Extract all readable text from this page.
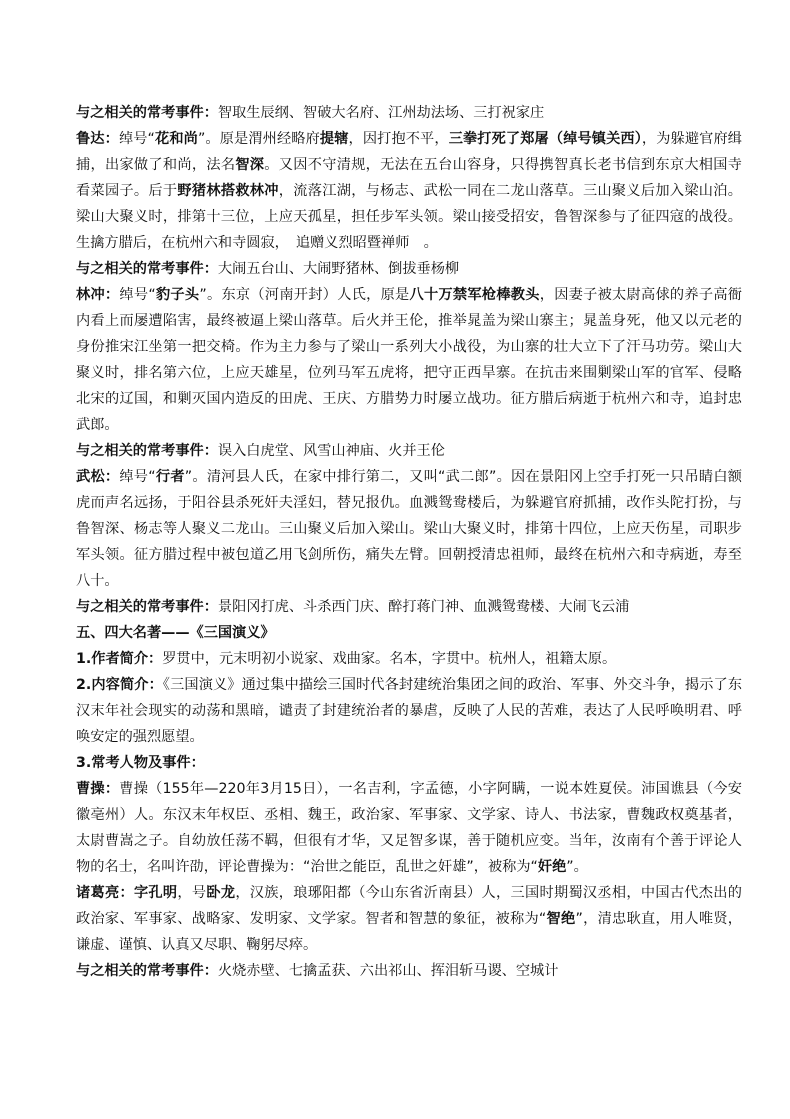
与之相关的常考事件：智取生辰纲、智破大名府、江州劫法场、三打祝家庄

鲁达：绰号“花和尚”。原是渭州经略府提辖，因打抱不平，三拳打死了郑屠（绰号镇关西），为躲避官府缉捕，出家做了和尚，法名智深。又因不守清规，无法在五台山容身，只得携智真长老书信到东京大相国寺看菜园子。后于野猪林搭救林冲，流落江湖，与杨志、武松一同在二龙山落草。三山聚义后加入梁山泊。梁山大聚义时，排第十三位，上应天孤星，担任步军头领。梁山接受招安，鲁智深参与了征四寇的战役。生擒方腊后，在杭州六和寺圆寂，　追赠义烈昭暨禅师　。

与之相关的常考事件：大闹五台山、大闹野猪林、倒拔垂杨柳

林冲：绰号“豹子头”。东京（河南开封）人氏，原是八十万禁军枪棒教头，因妻子被太尉高俅的养子高衙内看上而屡遭陷害，最终被逼上梁山落草。后火并王伦，推举晁盖为梁山寨主；晁盖身死，他又以元老的身份推宋江坐第一把交椅。作为主力参与了梁山一系列大小战役，为山寨的壮大立下了汗马功劳。梁山大聚义时，排名第六位，上应天雄星，位列马军五虎将，把守正西旱寨。在抗击来围剿梁山军的官军、侵略北宋的辽国，和剿灭国内造反的田虎、王庆、方腊势力时屡立战功。征方腊后病逝于杭州六和寺，追封忠武郎。

与之相关的常考事件：误入白虎堂、风雪山神庙、火并王伦

武松：绰号“行者”。清河县人氏，在家中排行第二，又叫“武二郎”。因在景阳冈上空手打死一只吊睛白额虎而声名远扬，于阳谷县杀死奸夫淫妇，替兄报仇。血溅鸳鸯楼后，为躲避官府抓捕，改作头陀打扮，与鲁智深、杨志等人聚义二龙山。三山聚义后加入梁山。梁山大聚义时，排第十四位，上应天伤星，司职步军头领。征方腊过程中被包道乙用飞剑所伤，痛失左臂。回朝授清忠祖师，最终在杭州六和寺病逝，寿至八十。

与之相关的常考事件：景阳冈打虎、斗杀西门庆、醉打蒋门神、血溅鸳鸯楼、大闹飞云浦

五、四大名著——《三国演义》

1.作者简介：罗贯中，元末明初小说家、戏曲家。名本，字贯中。杭州人，祖籍太原。

2.内容简介：《三国演义》通过集中描绘三国时代各封建统治集团之间的政治、军事、外交斗争，揭示了东汉末年社会现实的动荡和黑暗，谴责了封建统治者的暴虐，反映了人民的苦难，表达了人民呼唤明君、呼唤安定的强烈愿望。

3.常考人物及事件：

曹操：曹操（155年—220年3月15日），一名吉利，字孟德，小字阿瞒，一说本姓夏侯。沛国谯县（今安徽亳州）人。东汉末年权臣、丞相、魏王，政治家、军事家、文学家、诗人、书法家，曹魏政权奠基者，太尉曹嵩之子。自幼放任荡不羁，但很有才华，又足智多谋，善于随机应变。当年，汝南有个善于评论人物的名士，名叫许劭，评论曹操为：“治世之能臣，乱世之奸雄”，被称为“奸绝”。

诸葛亮：字孔明，号卧龙，汉族，琅琊阳都（今山东省沂南县）人，三国时期蜀汉丞相，中国古代杰出的政治家、军事家、战略家、发明家、文学家。智者和智慧的象征，被称为“智绝”，清忠耿直，用人唯贤，谦虚、谨慎、认真又尽职、鞠躬尽瘁。

与之相关的常考事件：火烧赤壁、七擒孟获、六出祁山、挥泪斩马谡、空城计
